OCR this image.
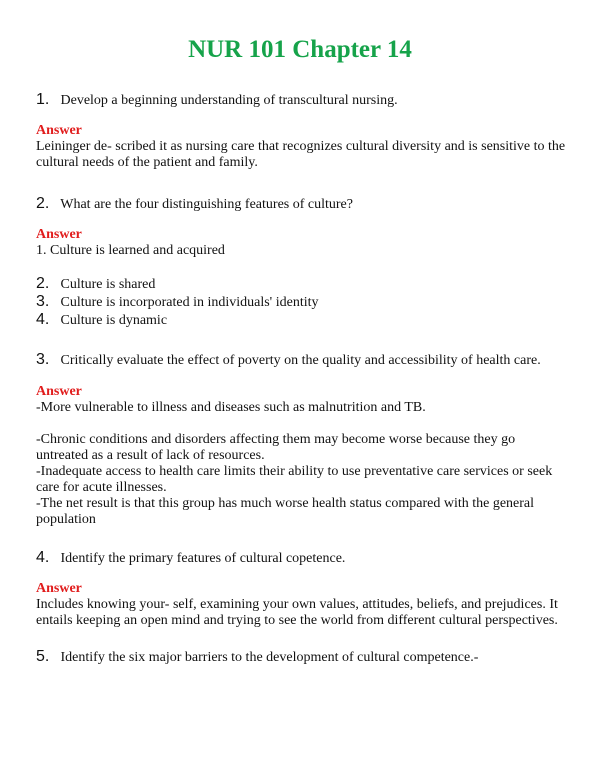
NUR 101 Chapter 14
1. Develop a beginning understanding of transcultural nursing.
Answer
Leininger de- scribed it as nursing care that recognizes cultural diversity and is sensitive to the cultural needs of the patient and family.
2. What are the four distinguishing features of culture?
Answer
1. Culture is learned and acquired
2. Culture is shared
3. Culture is incorporated in individuals' identity
4. Culture is dynamic
3. Critically evaluate the effect of poverty on the quality and accessibility of health care.
Answer
-More vulnerable to illness and diseases such as malnutrition and TB.
-Chronic conditions and disorders affecting them may become worse because they go untreated as a result of lack of resources.
-Inadequate access to health care limits their ability to use preventative care services or seek care for acute illnesses.
-The net result is that this group has much worse health status compared with the general population
4. Identify the primary features of cultural copetence.
Answer
Includes knowing your- self, examining your own values, attitudes, beliefs, and prejudices. It entails keeping an open mind and trying to see the world from different cultural perspectives.
5. Identify the six major barriers to the development of cultural competence.-
